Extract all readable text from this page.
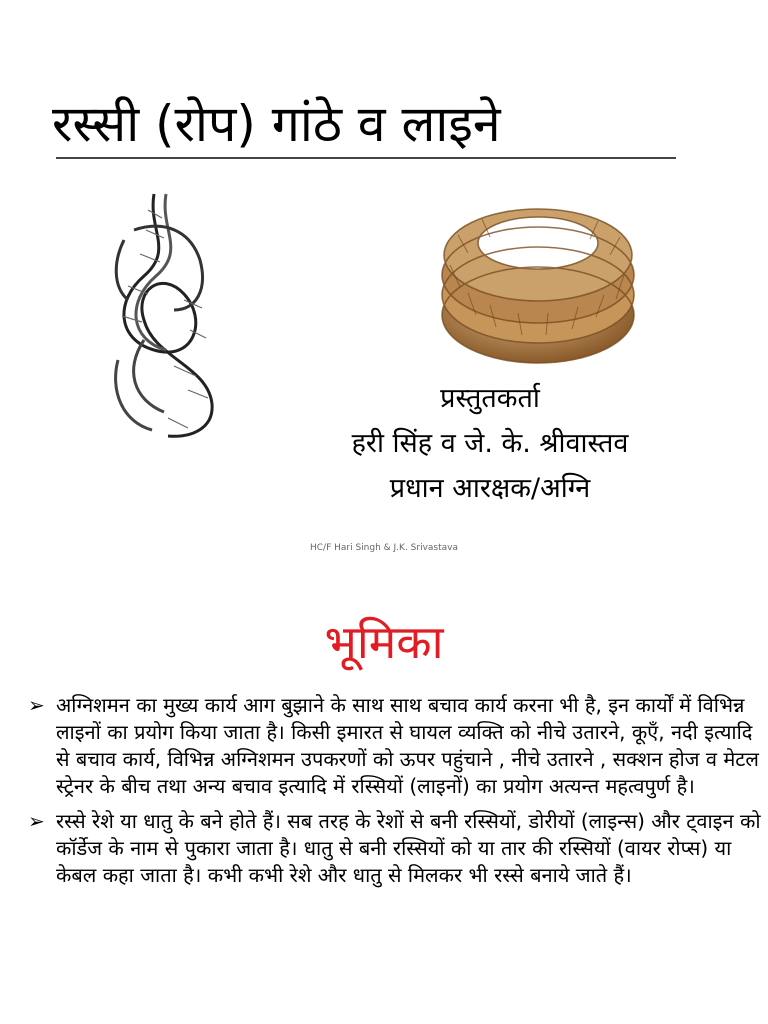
रस्सी (रोप) गांठे व लाइने
प्रस्तुतकर्ता
हरी सिंह व जे. के. श्रीवास्तव
प्रधान आरक्षक/अग्नि
HC/F Hari Singh & J.K. Srivastava
भूमिका
➢ अग्निशमन का मुख्य कार्य आग बुझाने के साथ साथ बचाव कार्य करना भी है, इन कार्यों में विभिन्न लाइनों का प्रयोग किया जाता है। किसी इमारत से घायल व्यक्ति को नीचे उतारने, कूएँ, नदी इत्यादि से बचाव कार्य, विभिन्न अग्निशमन उपकरणों को ऊपर पहुंचाने , नीचे उतारने , सक्शन होज व मेटल स्ट्रेनर के बीच तथा अन्य बचाव इत्यादि में रस्सियों (लाइनों) का प्रयोग अत्यन्त महत्वपुर्ण है।
➢ रस्से रेशे या धातु के बने होते हैं। सब तरह के रेशों से बनी रस्सियों, डोरीयों (लाइन्स) और ट्वाइन को कॉर्डेज के नाम से पुकारा जाता है। धातु से बनी रस्सियों को या तार की रस्सियों (वायर रोप्स) या केबल कहा जाता है। कभी कभी रेशे और धातु से मिलकर भी रस्से बनाये जाते हैं।
